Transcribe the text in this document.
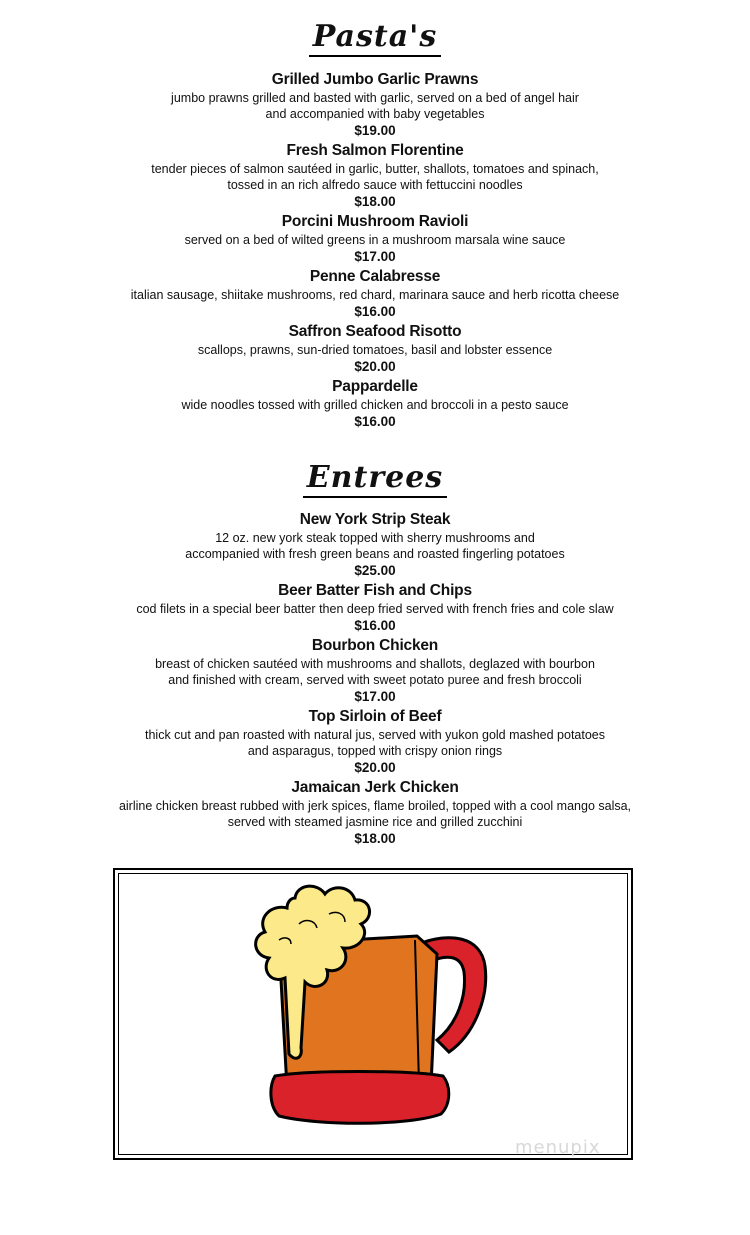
Pasta's
Grilled Jumbo Garlic Prawns
jumbo prawns grilled and basted with garlic, served on a bed of angel hair
and accompanied with baby vegetables
$19.00
Fresh Salmon Florentine
tender pieces of salmon sautéed in garlic, butter, shallots, tomatoes and spinach,
tossed in an rich alfredo sauce with fettuccini noodles
$18.00
Porcini Mushroom Ravioli
served on a bed of wilted greens in a mushroom marsala wine sauce
$17.00
Penne Calabresse
italian sausage, shiitake mushrooms, red chard, marinara sauce and herb ricotta cheese
$16.00
Saffron Seafood Risotto
scallops, prawns, sun-dried tomatoes, basil and lobster essence
$20.00
Pappardelle
wide noodles tossed with grilled chicken and broccoli in a pesto sauce
$16.00
Entrees
New York Strip Steak
12 oz. new york steak topped with sherry mushrooms and
accompanied with fresh green beans and roasted fingerling potatoes
$25.00
Beer Batter Fish and Chips
cod filets in a special beer batter then deep fried served with french fries and cole slaw
$16.00
Bourbon Chicken
breast of chicken sautéed with mushrooms and shallots, deglazed with bourbon
and finished with cream, served with sweet potato puree and fresh broccoli
$17.00
Top Sirloin of Beef
thick cut and pan roasted with natural jus, served with yukon gold mashed potatoes
and asparagus, topped with crispy onion rings
$20.00
Jamaican Jerk Chicken
airline chicken breast rubbed with jerk spices, flame broiled, topped with a cool mango salsa,
served with steamed jasmine rice and grilled zucchini
$18.00
menupix
